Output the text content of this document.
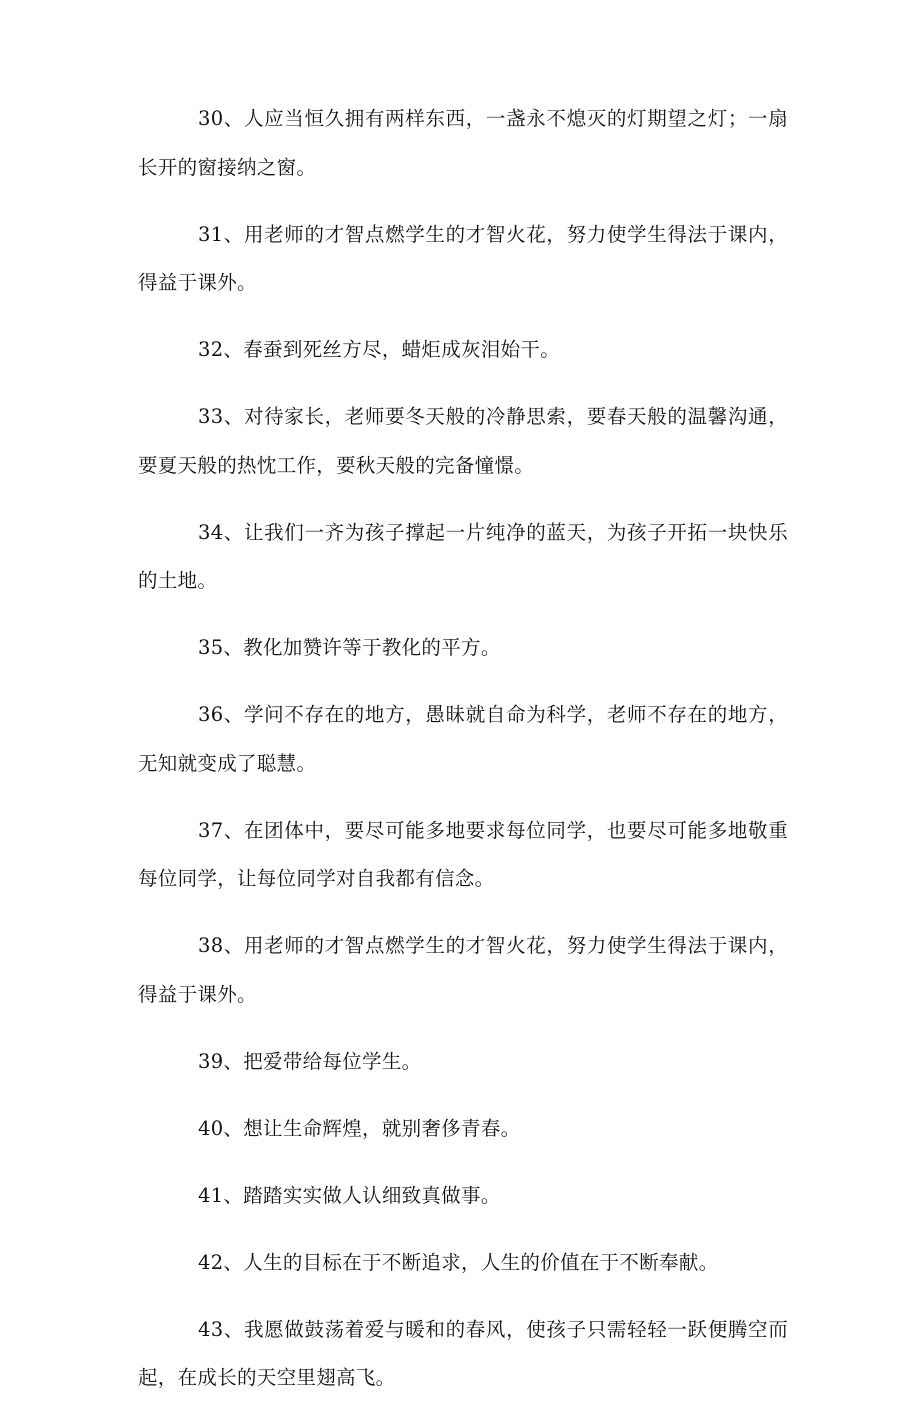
30、人应当恒久拥有两样东西，一盏永不熄灭的灯期望之灯；一扇长开的窗接纳之窗。

31、用老师的才智点燃学生的才智火花，努力使学生得法于课内，得益于课外。

32、春蚕到死丝方尽，蜡炬成灰泪始干。

33、对待家长，老师要冬天般的冷静思索，要春天般的温馨沟通，要夏天般的热忱工作，要秋天般的完备憧憬。

34、让我们一齐为孩子撑起一片纯净的蓝天，为孩子开拓一块快乐的土地。

35、教化加赞许等于教化的平方。

36、学问不存在的地方，愚昧就自命为科学，老师不存在的地方，无知就变成了聪慧。

37、在团体中，要尽可能多地要求每位同学，也要尽可能多地敬重每位同学，让每位同学对自我都有信念。

38、用老师的才智点燃学生的才智火花，努力使学生得法于课内，得益于课外。

39、把爱带给每位学生。

40、想让生命辉煌，就别奢侈青春。

41、踏踏实实做人认细致真做事。

42、人生的目标在于不断追求，人生的价值在于不断奉献。

43、我愿做鼓荡着爱与暖和的春风，使孩子只需轻轻一跃便腾空而起，在成长的天空里翅高飞。
